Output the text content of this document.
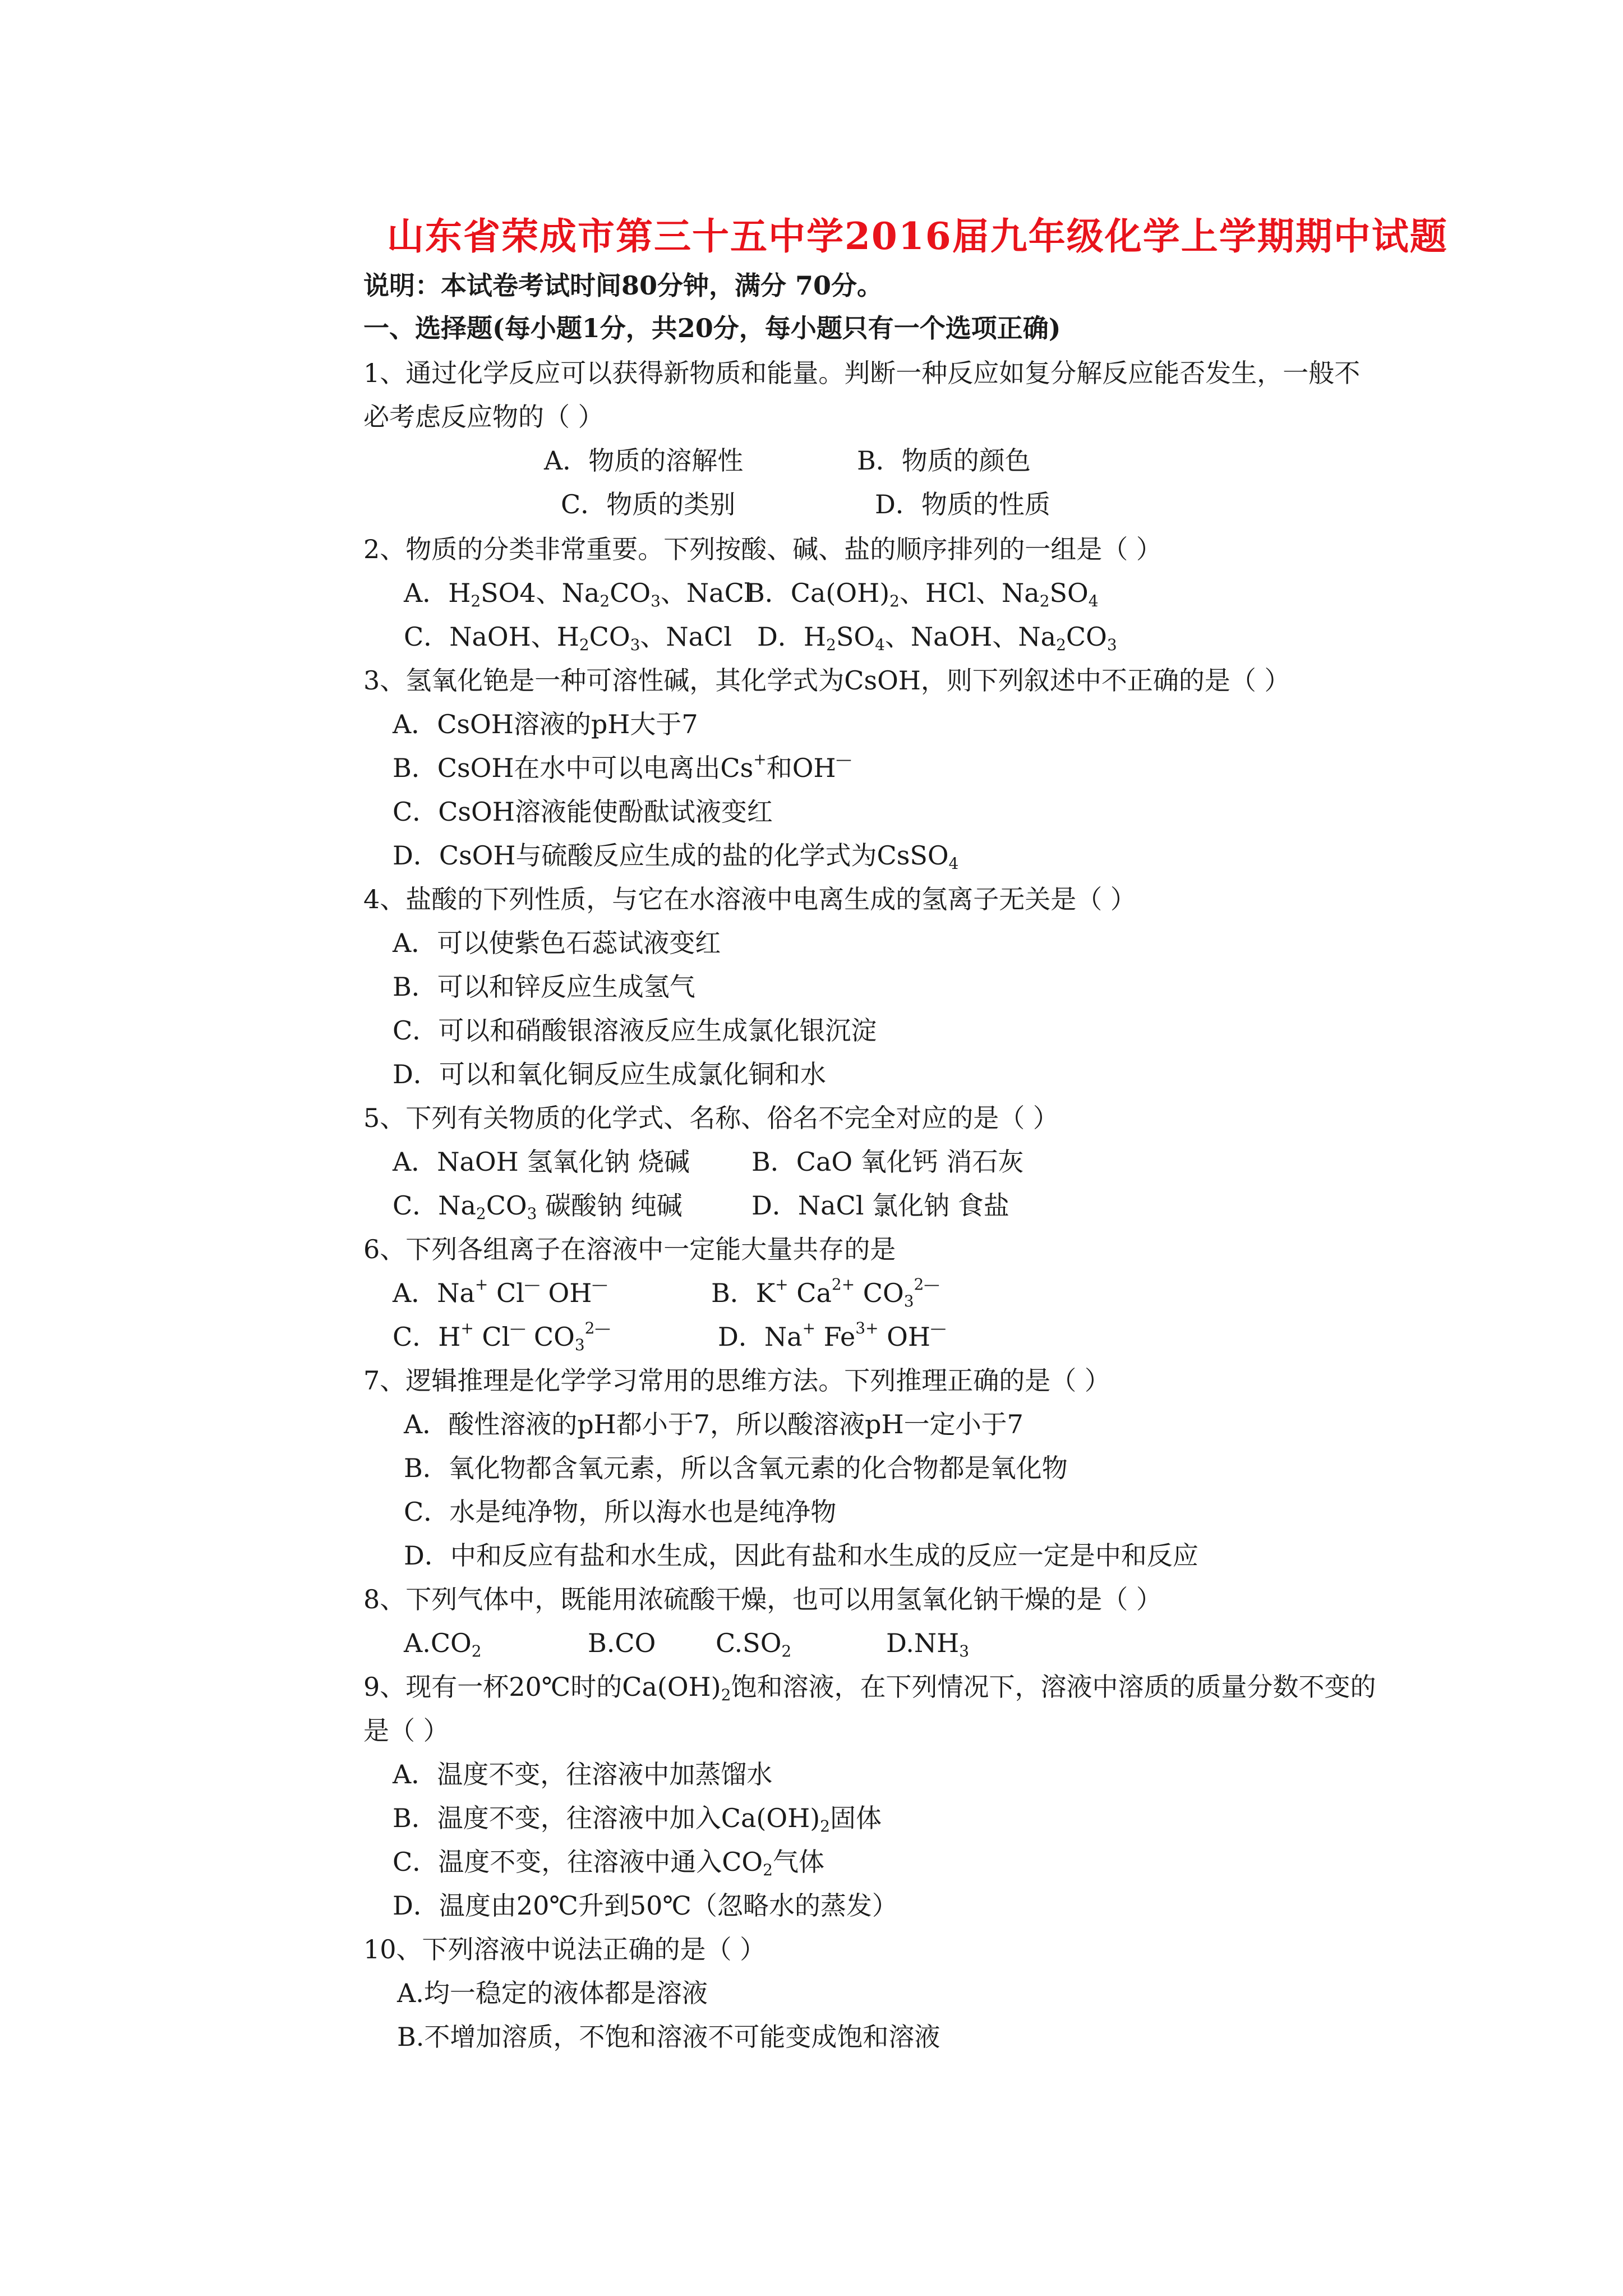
山东省荣成市第三十五中学2016届九年级化学上学期期中试题
说明：本试卷考试时间80分钟，满分 70分。
一、选择题(每小题1分，共20分，每小题只有一个选项正确)
1、通过化学反应可以获得新物质和能量。判断一种反应如复分解反应能否发生，一般不
必考虑反应物的（ ）
A．物质的溶解性	B．物质的颜色
C．物质的类别	D．物质的性质
2、物质的分类非常重要。下列按酸、碱、盐的顺序排列的一组是（ ）
A．$H_2SO4$、$Na_2CO_3$、NaCl
B．$Ca(OH)_2$、HCl、$Na_2SO_4$
C．NaOH、$H_2CO_3$、NaCl D．$H_2SO_4$、NaOH、$Na_2CO_3$
3、氢氧化铯是一种可溶性碱，其化学式为CsOH，则下列叙述中不正确的是（ ）
A．CsOH溶液的pH大于7
B．CsOH在水中可以电离出Cs+和OH—
C．CsOH溶液能使酚酞试液变红
D．CsOH与硫酸反应生成的盐的化学式为CsSO$_4$
4、盐酸的下列性质，与它在水溶液中电离生成的氢离子无关是（ ）
A．可以使紫色石蕊试液变红
B．可以和锌反应生成氢气
C．可以和硝酸银溶液反应生成氯化银沉淀
D．可以和氧化铜反应生成氯化铜和水
5、下列有关物质的化学式、名称、俗名不完全对应的是（ ）
A．NaOH 氢氧化钠 烧碱 B．CaO 氧化钙 消石灰
C．$Na_2CO_3$ 碳酸钠 纯碱	D．NaCl 氯化钠 食盐
6、下列各组离子在溶液中一定能大量共存的是
A．Na+ Cl— OH—	B．K+ $Ca^{2+}$ $CO_3^{2—}$
C．H+ Cl— $CO_3^{2—}$	D．Na+ $Fe^{3+}$ OH—
7、逻辑推理是化学学习常用的思维方法。下列推理正确的是（ ）
A．酸性溶液的pH都小于7，所以酸溶液pH一定小于7
B．氧化物都含氧元素，所以含氧元素的化合物都是氧化物
C．水是纯净物，所以海水也是纯净物
D．中和反应有盐和水生成，因此有盐和水生成的反应一定是中和反应
8、下列气体中，既能用浓硫酸干燥，也可以用氢氧化钠干燥的是（ ）
$A.CO_2$	B.CO $C.SO_2$	$D.NH_3$
9、现有一杯20℃时的$Ca(OH)_2$饱和溶液，在下列情况下，溶液中溶质的质量分数不变的
是（ ）
A．温度不变，往溶液中加蒸馏水
B．温度不变，往溶液中加入$Ca(OH)_2$固体
C．温度不变，往溶液中通入$CO_2$气体
D．温度由20℃升到50℃（忽略水的蒸发）
10、下列溶液中说法正确的是（ ）
A.均一稳定的液体都是溶液
B.不增加溶质，不饱和溶液不可能变成饱和溶液
